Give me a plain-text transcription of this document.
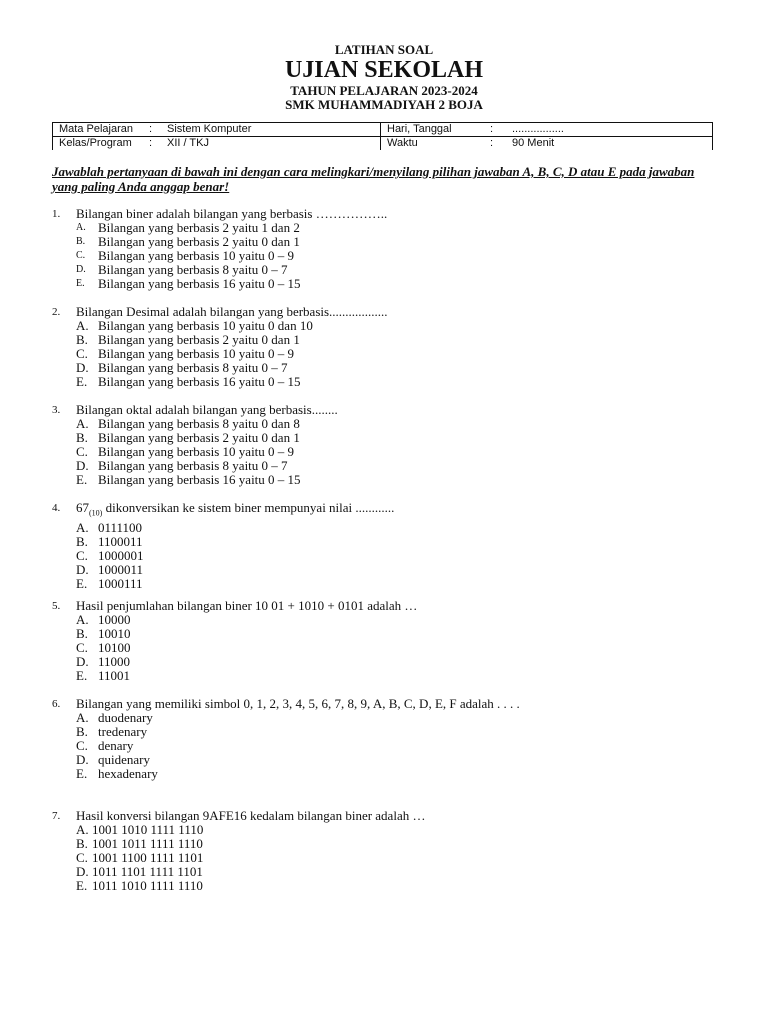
LATIHAN SOAL
UJIAN SEKOLAH
TAHUN PELAJARAN 2023-2024
SMK MUHAMMADIYAH 2 BOJA
Mata Pelajaran : Sistem Komputer	Hari, Tanggal : .................

Kelas/Program : XII / TKJ	Waktu : 90 Menit
Jawablah pertanyaan di bawah ini dengan cara melingkari/menyilang pilihan jawaban A, B, C, D atau E pada jawaban yang paling Anda anggap benar!
1.	Bilangan biner adalah bilangan yang berbasis ……………..
A. Bilangan yang berbasis 2 yaitu 1 dan 2
B. Bilangan yang berbasis 2 yaitu 0 dan 1
C. Bilangan yang berbasis 10 yaitu 0 – 9
D. Bilangan yang berbasis 8 yaitu 0 – 7
E.	Bilangan yang berbasis 16 yaitu 0 – 15
2.	Bilangan Desimal adalah bilangan yang berbasis..................
A. Bilangan yang berbasis 10 yaitu 0 dan 10
B. Bilangan yang berbasis 2 yaitu 0 dan 1
C. Bilangan yang berbasis 10 yaitu 0 – 9
D. Bilangan yang berbasis 8 yaitu 0 – 7
E. Bilangan yang berbasis 16 yaitu 0 – 15
3.	Bilangan oktal adalah bilangan yang berbasis........
A. Bilangan yang berbasis 8 yaitu 0 dan 8
B. Bilangan yang berbasis 2 yaitu 0 dan 1
C. Bilangan yang berbasis 10 yaitu 0 – 9
D. Bilangan yang berbasis 8 yaitu 0 – 7
E. Bilangan yang berbasis 16 yaitu 0 – 15
4.	$67_{(10)}$ dikonversikan ke sistem biner mempunyai nilai ............
A. 0111100
B. 1100011
C. 1000001
D. 1000011
E. 1000111
5.	Hasil penjumlahan bilangan biner 10 01 + 1010 + 0101 adalah …
A. 10000
B. 10010
C. 10100
D. 11000
E. 11001
6.	Bilangan yang memiliki simbol 0, 1, 2, 3, 4, 5, 6, 7, 8, 9, A, B, C, D, E, F adalah . . . .
A. duodenary
B. tredenary
C. denary
D. quidenary
E. hexadenary
7.	Hasil konversi bilangan 9AFE16 kedalam bilangan biner adalah …
A. 1001 1010 1111 1110
B. 1001 1011 1111 1110
C. 1001 1100 1111 1101
D. 1011 1101 1111 1101
E. 1011 1010 1111 1110
